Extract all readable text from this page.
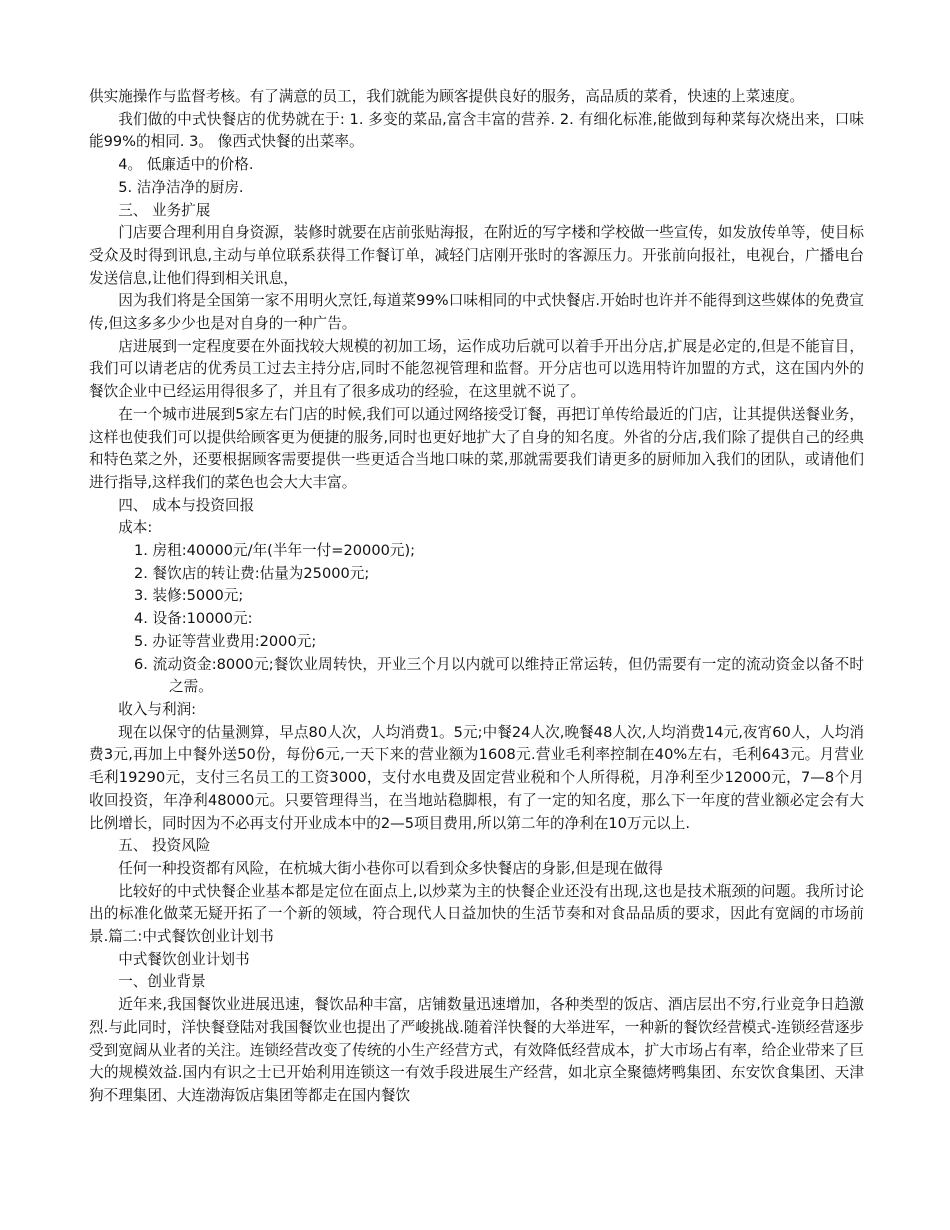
供实施操作与监督考核。有了满意的员工，我们就能为顾客提供良好的服务，高品质的菜肴，快速的上菜速度。

我们做的中式快餐店的优势就在于: 1. 多变的菜品,富含丰富的营养. 2. 有细化标准,能做到每种菜每次烧出来，口味能99%的相同. 3。 像西式快餐的出菜率。

4。 低廉适中的价格.

5. 洁净洁净的厨房.

三、 业务扩展

门店要合理利用自身资源，装修时就要在店前张贴海报，在附近的写字楼和学校做一些宣传，如发放传单等，使目标受众及时得到讯息,主动与单位联系获得工作餐订单，减轻门店刚开张时的客源压力。开张前向报社，电视台，广播电台发送信息,让他们得到相关讯息，

因为我们将是全国第一家不用明火烹饪,每道菜99%口味相同的中式快餐店.开始时也许并不能得到这些媒体的免费宣传,但这多多少少也是对自身的一种广告。

店进展到一定程度要在外面找较大规模的初加工场，运作成功后就可以着手开出分店,扩展是必定的,但是不能盲目，我们可以请老店的优秀员工过去主持分店,同时不能忽视管理和监督。开分店也可以选用特许加盟的方式，这在国内外的餐饮企业中已经运用得很多了，并且有了很多成功的经验，在这里就不说了。

在一个城市进展到5家左右门店的时候,我们可以通过网络接受订餐，再把订单传给最近的门店，让其提供送餐业务，这样也使我们可以提供给顾客更为便捷的服务,同时也更好地扩大了自身的知名度。外省的分店,我们除了提供自己的经典和特色菜之外，还要根据顾客需要提供一些更适合当地口味的菜,那就需要我们请更多的厨师加入我们的团队，或请他们进行指导,这样我们的菜色也会大大丰富。

四、 成本与投资回报

成本:

1. 房租:40000元/年(半年一付=20000元);

2. 餐饮店的转让费:估量为25000元;

3. 装修:5000元;

4. 设备:10000元:

5. 办证等营业费用:2000元;

6. 流动资金:8000元;餐饮业周转快，开业三个月以内就可以维持正常运转，但仍需要有一定的流动资金以备不时之需。

收入与利润:

现在以保守的估量测算，早点80人次，人均消费1。5元;中餐24人次,晚餐48人次,人均消费14元,夜宵60人，人均消费3元,再加上中餐外送50份，每份6元,一天下来的营业额为1608元.营业毛利率控制在40%左右，毛利643元。月营业毛利19290元，支付三名员工的工资3000，支付水电费及固定营业税和个人所得税，月净利至少12000元，7—8个月收回投资，年净利48000元。只要管理得当，在当地站稳脚根，有了一定的知名度，那么下一年度的营业额必定会有大比例增长，同时因为不必再支付开业成本中的2—5项目费用,所以第二年的净利在10万元以上.

五、 投资风险

任何一种投资都有风险，在杭城大街小巷你可以看到众多快餐店的身影,但是现在做得

比较好的中式快餐企业基本都是定位在面点上,以炒菜为主的快餐企业还没有出现,这也是技术瓶颈的问题。我所讨论出的标准化做菜无疑开拓了一个新的领域，符合现代人日益加快的生活节奏和对食品品质的要求，因此有宽阔的市场前景.篇二:中式餐饮创业计划书

中式餐饮创业计划书

一、创业背景

近年来,我国餐饮业进展迅速，餐饮品种丰富，店铺数量迅速增加，各种类型的饭店、酒店层出不穷,行业竞争日趋激烈.与此同时，洋快餐登陆对我国餐饮业也提出了严峻挑战.随着洋快餐的大举进军，一种新的餐饮经营模式-连锁经营逐步受到宽阔从业者的关注。连锁经营改变了传统的小生产经营方式，有效降低经营成本，扩大市场占有率，给企业带来了巨大的规模效益.国内有识之士已开始利用连锁这一有效手段进展生产经营，如北京全聚德烤鸭集团、东安饮食集团、天津狗不理集团、大连渤海饭店集团等都走在国内餐饮
